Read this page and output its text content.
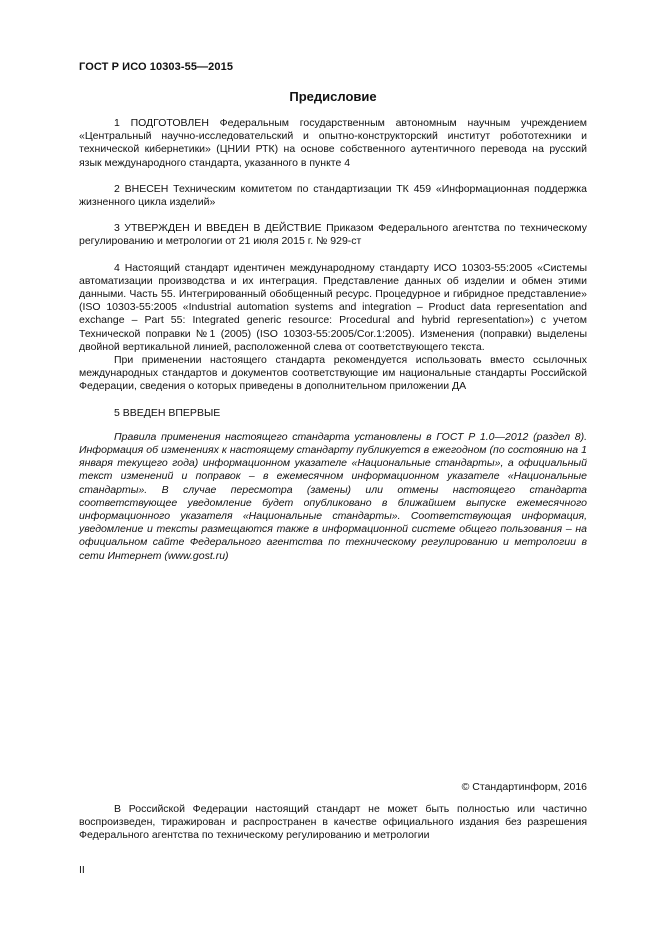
ГОСТ Р ИСО 10303-55—2015
Предисловие

1 ПОДГОТОВЛЕН Федеральным государственным автономным научным учреждением «Центральный научно-исследовательский и опытно-конструкторский институт робототехники и технической кибернетики» (ЦНИИ РТК) на основе собственного аутентичного перевода на русский язык международного стандарта, указанного в пункте 4

2 ВНЕСЕН Техническим комитетом по стандартизации ТК 459 «Информационная поддержка жизненного цикла изделий»

3 УТВЕРЖДЕН И ВВЕДЕН В ДЕЙСТВИЕ Приказом Федерального агентства по техническому регулированию и метрологии от 21 июля 2015 г. № 929-ст

4 Настоящий стандарт идентичен международному стандарту ИСО 10303-55:2005 «Системы автоматизации производства и их интеграция. Представление данных об изделии и обмен этими данными. Часть 55. Интегрированный обобщенный ресурс. Процедурное и гибридное представление» (ISO 10303-55:2005 «Industrial automation systems and integration – Product data representation and exchange – Part 55: Integrated generic resource: Procedural and hybrid representation») с учетом Технической поправки №1 (2005) (ISO 10303-55:2005/Cor.1:2005). Изменения (поправки) выделены двойной вертикальной линией, расположенной слева от соответствующего текста.

При применении настоящего стандарта рекомендуется использовать вместо ссылочных международных стандартов и документов соответствующие им национальные стандарты Российской Федерации, сведения о которых приведены в дополнительном приложении ДА

5 ВВЕДЕН ВПЕРВЫЕ

Правила применения настоящего стандарта установлены в ГОСТ Р 1.0—2012 (раздел 8). Информация об изменениях к настоящему стандарту публикуется в ежегодном (по состоянию на 1 января текущего года) информационном указателе «Национальные стандарты», а официальный текст изменений и поправок – в ежемесячном информационном указателе «Национальные стандарты». В случае пересмотра (замены) или отмены настоящего стандарта соответствующее уведомление будет опубликовано в ближайшем выпуске ежемесячного информационного указателя «Национальные стандарты». Соответствующая информация, уведомление и тексты размещаются также в информационной системе общего пользования – на официальном сайте Федерального агентства по техническому регулированию и метрологии в сети Интернет (www.gost.ru)

© Стандартинформ, 2016

В Российской Федерации настоящий стандарт не может быть полностью или частично воспроизведен, тиражирован и распространен в качестве официального издания без разрешения Федерального агентства по техническому регулированию и метрологии

II
